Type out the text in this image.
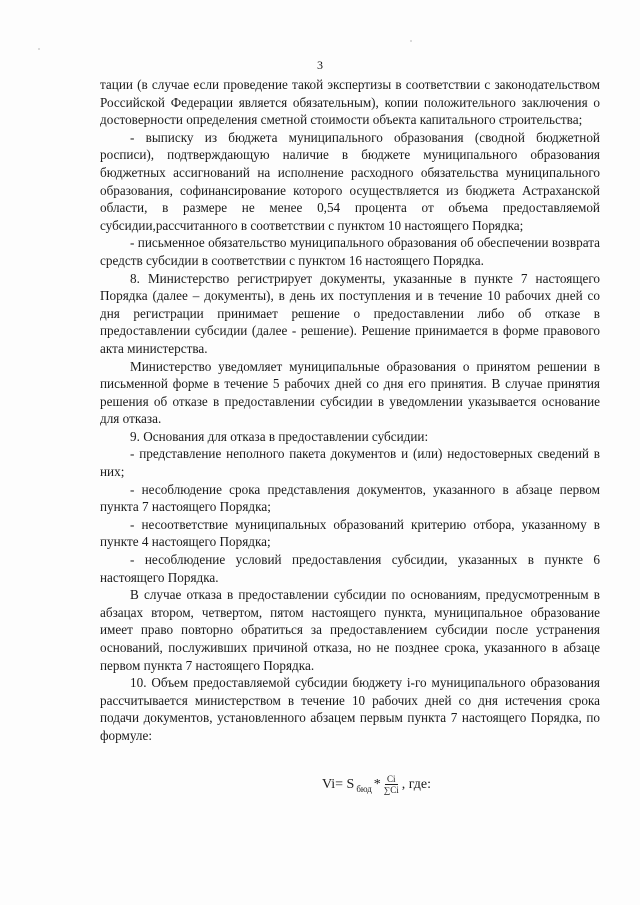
3

тации (в случае если проведение такой экспертизы в соответствии с законодательством Российской Федерации является обязательным), копии положительного заключения о достоверности определения сметной стоимости объекта капитального строительства;

- выписку из бюджета муниципального образования (сводной бюджетной росписи), подтверждающую наличие в бюджете муниципального образования бюджетных ассигнований на исполнение расходного обязательства муниципального образования, софинансирование которого осуществляется из бюджета Астраханской области, в размере не менее 0,54 процента от объема предоставляемой субсидии,рассчитанного в соответствии с пунктом 10 настоящего Порядка;

- письменное обязательство муниципального образования об обеспечении возврата средств субсидии в соответствии с пунктом 16 настоящего Порядка.

8. Министерство регистрирует документы, указанные в пункте 7 настоящего Порядка (далее – документы), в день их поступления и в течение 10 рабочих дней со дня регистрации принимает решение о предоставлении либо об отказе в предоставлении субсидии (далее - решение). Решение принимается в форме правового акта министерства.

Министерство уведомляет муниципальные образования о принятом решении в письменной форме в течение 5 рабочих дней со дня его принятия. В случае принятия решения об отказе в предоставлении субсидии в уведомлении указывается основание для отказа.

9. Основания для отказа в предоставлении субсидии:

- представление неполного пакета документов и (или) недостоверных сведений в них;

- несоблюдение срока представления документов, указанного в абзаце первом пункта 7 настоящего Порядка;

- несоответствие муниципальных образований критерию отбора, указанному в пункте 4 настоящего Порядка;

- несоблюдение условий предоставления субсидии, указанных в пункте 6 настоящего Порядка.

В случае отказа в предоставлении субсидии по основаниям, предусмотренным в абзацах втором, четвертом, пятом настоящего пункта, муниципальное образование имеет право повторно обратиться за предоставлением субсидии после устранения оснований, послуживших причиной отказа, но не позднее срока, указанного в абзаце первом пункта 7 настоящего Порядка.

10. Объем предоставляемой субсидии бюджету i-го муниципального образования рассчитывается министерством в течение 10 рабочих дней со дня истечения срока подачи документов, установленного абзацем первым пункта 7 настоящего Порядка, по формуле:

Vi= S бюд * $\frac{Ci}{\sum Ci}$ , где:
